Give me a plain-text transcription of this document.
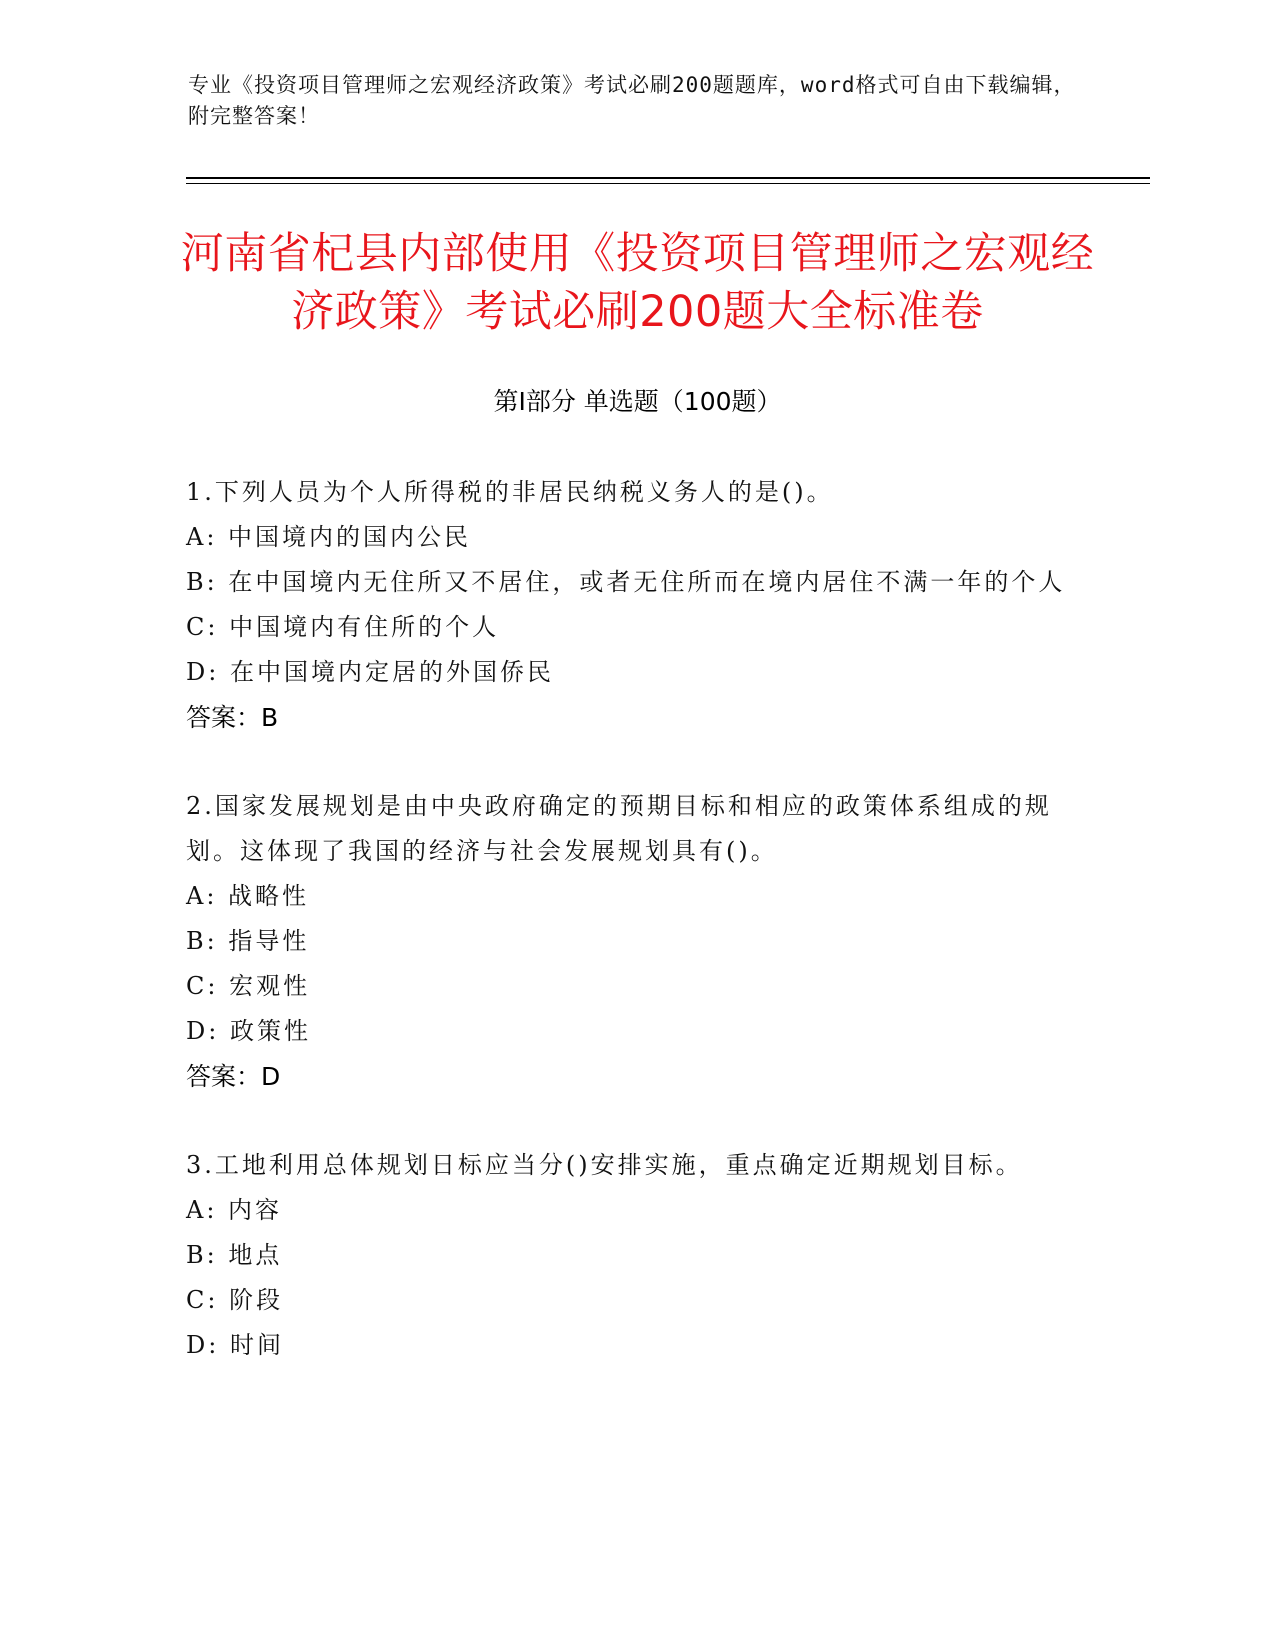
专业《投资项目管理师之宏观经济政策》考试必刷200题题库，word格式可自由下载编辑，附完整答案！
河南省杞县内部使用《投资项目管理师之宏观经济政策》考试必刷200题大全标准卷
第Ⅰ部分 单选题（100题）
1.下列人员为个人所得税的非居民纳税义务人的是()。
A: 中国境内的国内公民
B: 在中国境内无住所又不居住，或者无住所而在境内居住不满一年的个人
C: 中国境内有住所的个人
D: 在中国境内定居的外国侨民
答案：B
2.国家发展规划是由中央政府确定的预期目标和相应的政策体系组成的规划。这体现了我国的经济与社会发展规划具有()。
A: 战略性
B: 指导性
C: 宏观性
D: 政策性
答案：D
3.工地利用总体规划日标应当分()安排实施，重点确定近期规划目标。
A: 内容
B: 地点
C: 阶段
D: 时间
